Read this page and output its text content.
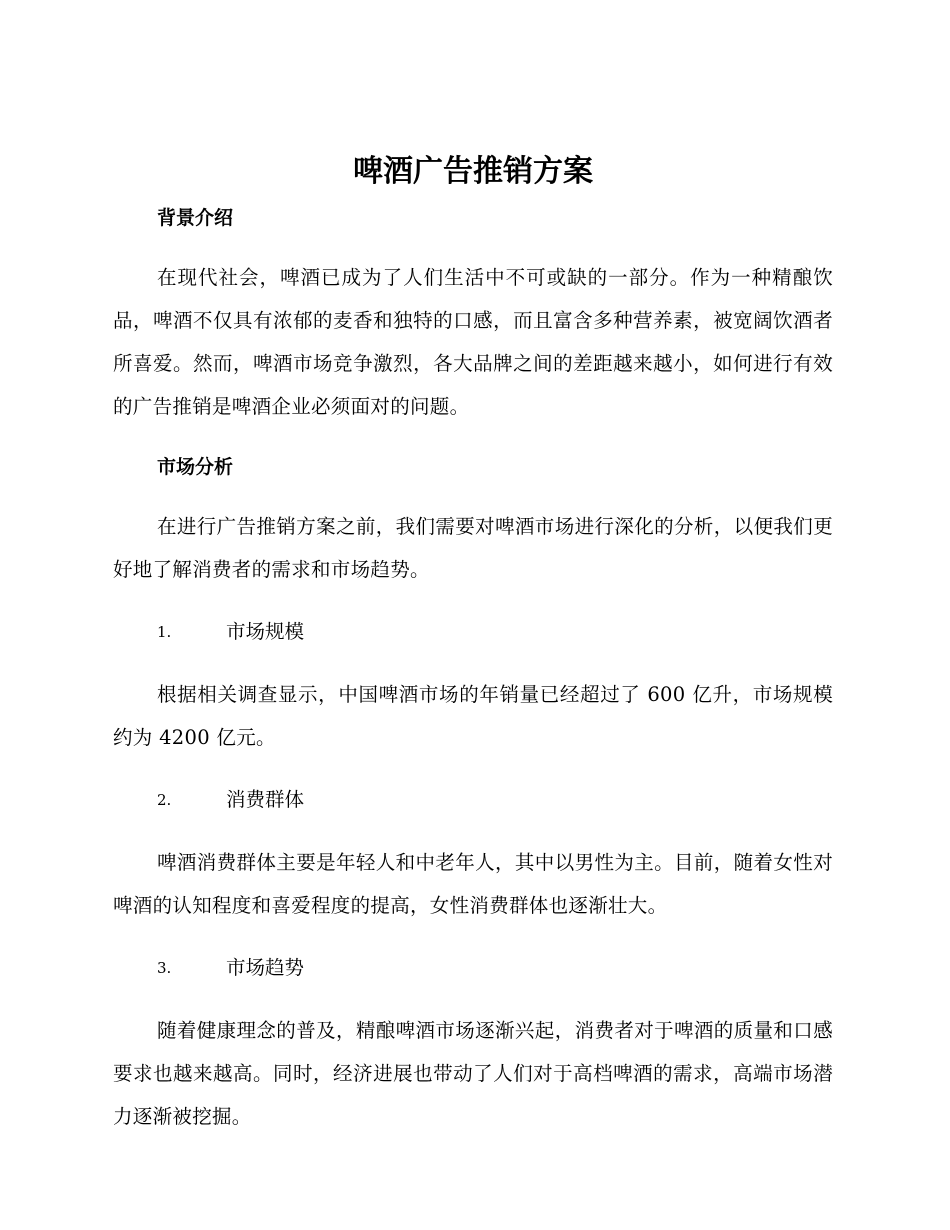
啤酒广告推销方案
背景介绍

在现代社会，啤酒已成为了人们生活中不可或缺的一部分。作为一种精酿饮品，啤酒不仅具有浓郁的麦香和独特的口感，而且富含多种营养素，被宽阔饮酒者所喜爱。然而，啤酒市场竞争激烈，各大品牌之间的差距越来越小，如何进行有效的广告推销是啤酒企业必须面对的问题。

市场分析

在进行广告推销方案之前，我们需要对啤酒市场进行深化的分析，以便我们更好地了解消费者的需求和市场趋势。

1.	市场规模

根据相关调查显示，中国啤酒市场的年销量已经超过了 600 亿升，市场规模约为 4200 亿元。

2.	消费群体

啤酒消费群体主要是年轻人和中老年人，其中以男性为主。目前，随着女性对啤酒的认知程度和喜爱程度的提高，女性消费群体也逐渐壮大。

3.	市场趋势

随着健康理念的普及，精酿啤酒市场逐渐兴起，消费者对于啤酒的质量和口感要求也越来越高。同时，经济进展也带动了人们对于高档啤酒的需求，高端市场潜力逐渐被挖掘。
